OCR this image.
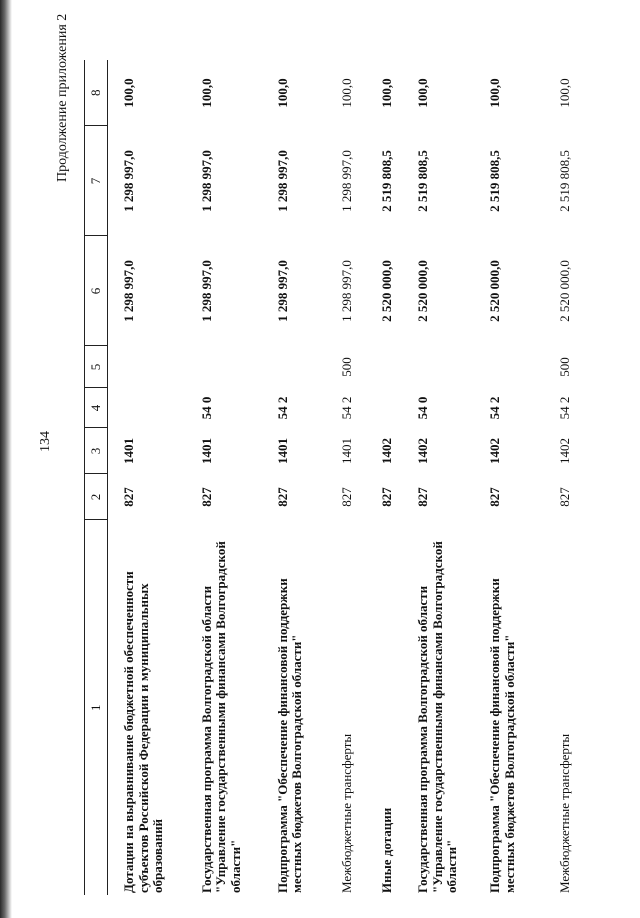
134
Продолжение приложения 2
1	2	3	4	5	6	7	8
Дотации на выравнивание бюджетной обеспеченности субъектов Российской Федерации и муниципальных образований	827	1401			1 298 997,0	1 298 997,0	100,0
Государственная программа Волгоградской области "Управление государственными финансами Волгоградской области"	827	1401	54 0		1 298 997,0	1 298 997,0	100,0
Подпрограмма "Обеспечение финансовой поддержки местных бюджетов Волгоградской области"	827	1401	54 2		1 298 997,0	1 298 997,0	100,0
Межбюджетные трансферты	827	1401	54 2	500	1 298 997,0	1 298 997,0	100,0
Иные дотации	827	1402			2 520 000,0	2 519 808,5	100,0
Государственная программа Волгоградской области "Управление государственными финансами Волгоградской области"	827	1402	54 0		2 520 000,0	2 519 808,5	100,0
Подпрограмма "Обеспечение финансовой поддержки местных бюджетов Волгоградской области"	827	1402	54 2		2 520 000,0	2 519 808,5	100,0
Межбюджетные трансферты	827	1402	54 2	500	2 520 000,0	2 519 808,5	100,0
